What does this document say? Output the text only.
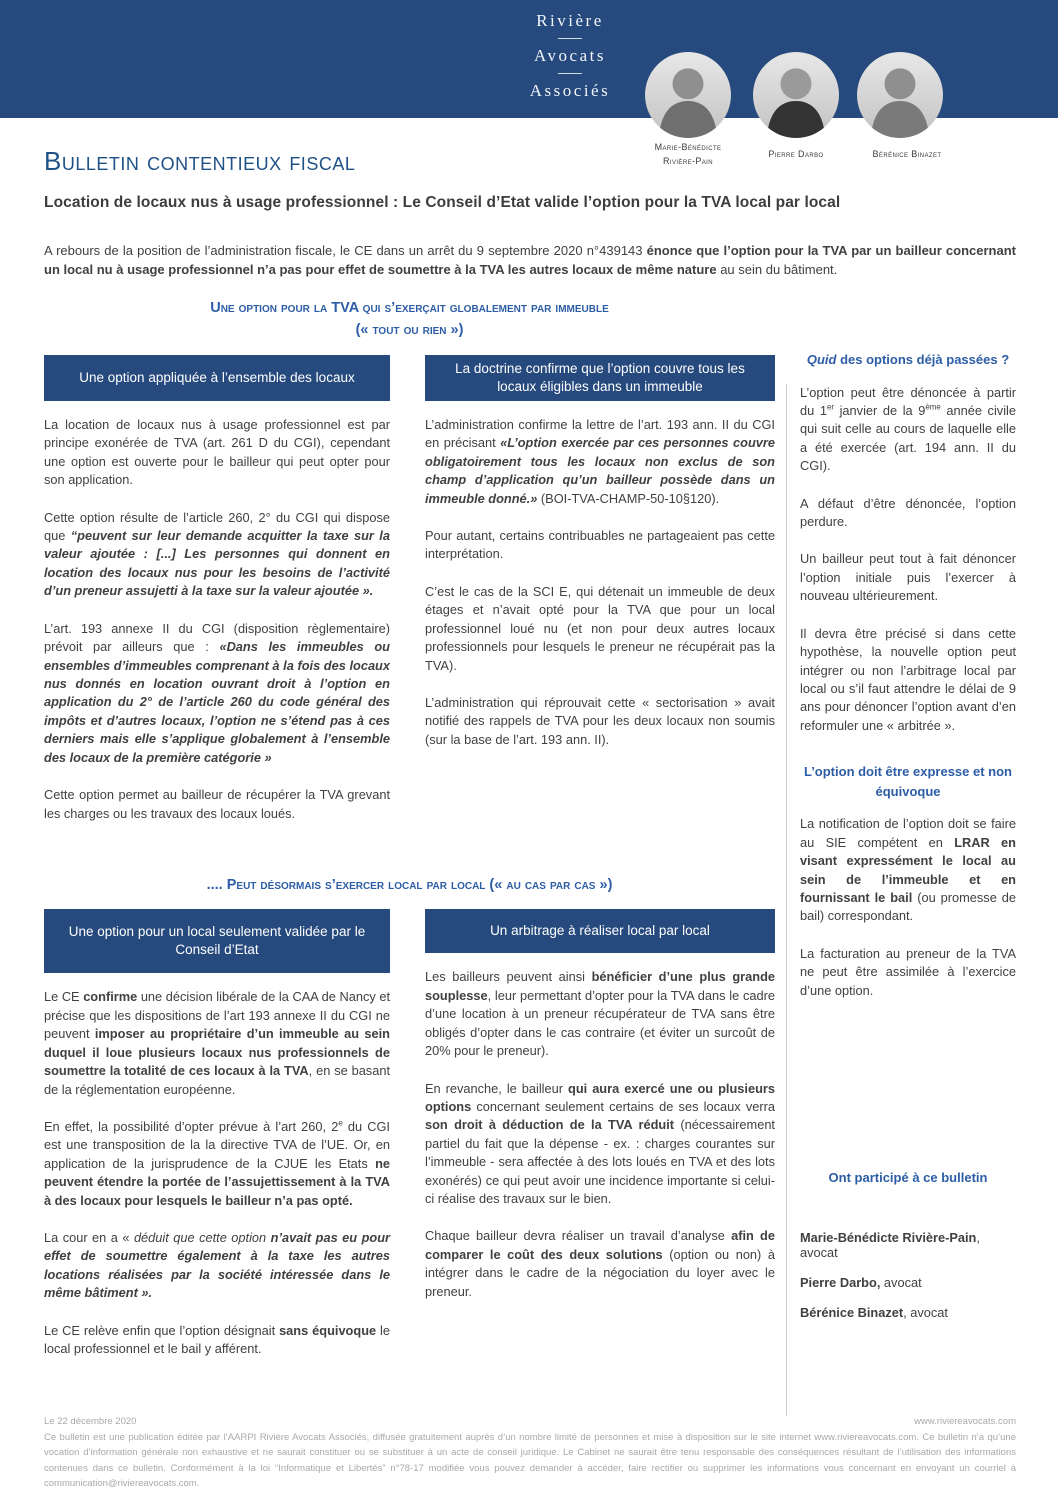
Rivière
Avocats
Associés
Marie-Bénédicte
Rivière-Pain
Pierre Darbo	Bérénice Binazet
Bulletin contentieux fiscal
Location de locaux nus à usage professionnel : Le Conseil d’Etat valide l’option pour la TVA local par local

A rebours de la position de l’administration fiscale, le CE dans un arrêt du 9 septembre 2020 n°439143 énonce que l’option pour la TVA par un bailleur concernant un local nu à usage professionnel n’a pas pour effet de soumettre à la TVA les autres locaux de même nature au sein du bâtiment.

Une option pour la TVA qui s’exerçait globalement par immeuble
(« tout ou rien »)
Une option appliquée à l’ensemble des locaux

La location de locaux nus à usage professionnel est par principe exonérée de TVA (art. 261 D du CGI), cependant une option est ouverte pour le bailleur qui peut opter pour son application.

Cette option résulte de l’article 260, 2° du CGI qui dispose que “peuvent sur leur demande acquitter la taxe sur la valeur ajoutée : [...] Les personnes qui donnent en location des locaux nus pour les besoins de l’activité d’un preneur assujetti à la taxe sur la valeur ajoutée ».

L’art. 193 annexe II du CGI (disposition règlementaire) prévoit par ailleurs que : «Dans les immeubles ou ensembles d’immeubles comprenant à la fois des locaux nus donnés en location ouvrant droit à l’option en application du 2° de l’article 260 du code général des impôts et d’autres locaux, l’option ne s’étend pas à ces derniers mais elle s’applique globalement à l’ensemble des locaux de la première catégorie »

Cette option permet au bailleur de récupérer la TVA grevant les charges ou les travaux des locaux loués.

La doctrine confirme que l’option couvre tous les locaux éligibles dans un immeuble

L’administration confirme la lettre de l’art. 193 ann. II du CGI en précisant «L’option exercée par ces personnes couvre obligatoirement tous les locaux non exclus de son champ d’application qu’un bailleur possède dans un immeuble donné.» (BOI-TVA-CHAMP-50-10§120).

Pour autant, certains contribuables ne partageaient pas cette interprétation.

C’est le cas de la SCI E, qui détenait un immeuble de deux étages et n’avait opté pour la TVA que pour un local professionnel loué nu (et non pour deux autres locaux professionnels pour lesquels le preneur ne récupérait pas la TVA).

L’administration qui réprouvait cette « sectorisation » avait notifié des rappels de TVA pour les deux locaux non soumis (sur la base de l’art. 193 ann. II).

.... Peut désormais s’exercer local par local (« au cas par cas »)
Une option pour un local seulement validée par le Conseil d’Etat

Le CE confirme une décision libérale de la CAA de Nancy et précise que les dispositions de l’art 193 annexe II du CGI ne peuvent imposer au propriétaire d’un immeuble au sein duquel il loue plusieurs locaux nus professionnels de soumettre la totalité de ces locaux à la TVA, en se basant de la réglementation européenne.

En effet, la possibilité d’opter prévue à l’art 260, 2e du CGI est une transposition de la la directive TVA de l’UE. Or, en application de la jurisprudence de la CJUE les Etats ne peuvent étendre la portée de l’assujettissement à la TVA à des locaux pour lesquels le bailleur n’a pas opté.

La cour en a « déduit que cette option n’avait pas eu pour effet de soumettre également à la taxe les autres locations réalisées par la société intéressée dans le même bâtiment ».

Le CE relève enfin que l’option désignait sans équivoque le local professionnel et le bail y afférent.

Un arbitrage à réaliser local par local

Les bailleurs peuvent ainsi bénéficier d’une plus grande souplesse, leur permettant d’opter pour la TVA dans le cadre d’une location à un preneur récupérateur de TVA sans être obligés d’opter dans le cas contraire (et éviter un surcoût de 20% pour le preneur).

En revanche, le bailleur qui aura exercé une ou plusieurs options concernant seulement certains de ses locaux verra son droit à déduction de la TVA réduit (nécessairement partiel du fait que la dépense - ex. : charges courantes sur l’immeuble - sera affectée à des lots loués en TVA et des lots exonérés) ce qui peut avoir une incidence importante si celui-ci réalise des travaux sur le bien.

Chaque bailleur devra réaliser un travail d’analyse afin de comparer le coût des deux solutions (option ou non) à intégrer dans le cadre de la négociation du loyer avec le preneur.

Quid des options déjà passées ?

L’option peut être dénoncée à partir du 1er janvier de la 9ème année civile qui suit celle au cours de laquelle elle a été exercée (art. 194 ann. II du CGI).

A défaut d’être dénoncée, l’option perdure.

Un bailleur peut tout à fait dénoncer l’option initiale puis l’exercer à nouveau ultérieurement.

Il devra être précisé si dans cette hypothèse, la nouvelle option peut intégrer ou non l’arbitrage local par local ou s’il faut attendre le délai de 9 ans pour dénoncer l’option avant d’en reformuler une « arbitrée ».

L’option doit être expresse et non équivoque

La notification de l’option doit se faire au SIE compétent en LRAR en visant expressément le local au sein de l’immeuble et en fournissant le bail (ou promesse de bail) correspondant.

La facturation au preneur de la TVA ne peut être assimilée à l’exercice d’une option.

Ont participé à ce bulletin

Marie-Bénédicte Rivière-Pain, avocat

Pierre Darbo, avocat

Bérénice Binazet, avocat

Le 22 décembre 2020	www.riviereavocats.com
Ce bulletin est une publication éditée par l’AARPI Rivière Avocats Associés, diffusée gratuitement auprès d’un nombre limité de personnes et mise à disposition sur le site internet www.riviereavocats.com. Ce bulletin n’a qu’une vocation d’information générale non exhaustive et ne saurait constituer ou se substituer à un acte de conseil juridique. Le Cabinet ne saurait être tenu responsable des conséquences résultant de l’utilisation des informations contenues dans ce bulletin. Conformément à la loi “Informatique et Libertés” n°78-17 modifiée vous pouvez demander à accéder, faire rectifier ou supprimer les informations vous concernant en envoyant un courriel à communication@riviereavocats.com.
